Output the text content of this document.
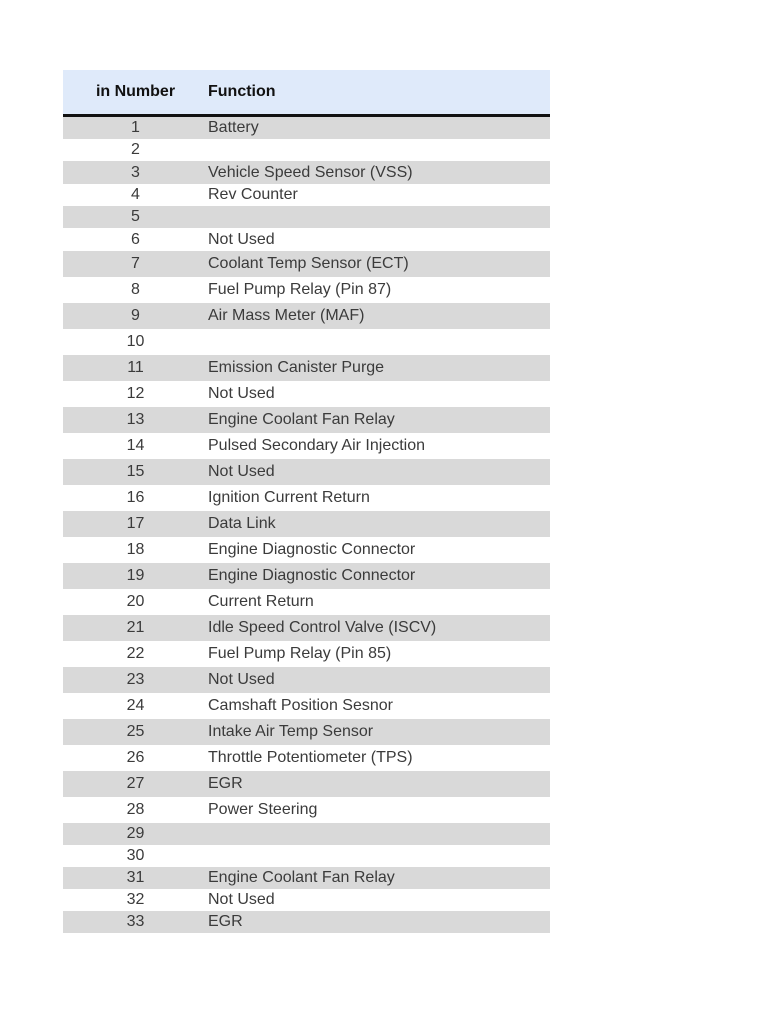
in Number	Function
1	Battery
2
3	Vehicle Speed Sensor (VSS)
4	Rev Counter
5
6	Not Used
7	Coolant Temp Sensor (ECT)
8	Fuel Pump Relay (Pin 87)
9	Air Mass Meter (MAF)
10
11	Emission Canister Purge
12	Not Used
13	Engine Coolant Fan Relay
14	Pulsed Secondary Air Injection
15	Not Used
16	Ignition Current Return
17	Data Link
18	Engine Diagnostic Connector
19	Engine Diagnostic Connector
20	Current Return
21	Idle Speed Control Valve (ISCV)
22	Fuel Pump Relay (Pin 85)
23	Not Used
24	Camshaft Position Sesnor
25	Intake Air Temp Sensor
26	Throttle Potentiometer (TPS)
27	EGR
28	Power Steering
29
30
31	Engine Coolant Fan Relay
32	Not Used
33	EGR
